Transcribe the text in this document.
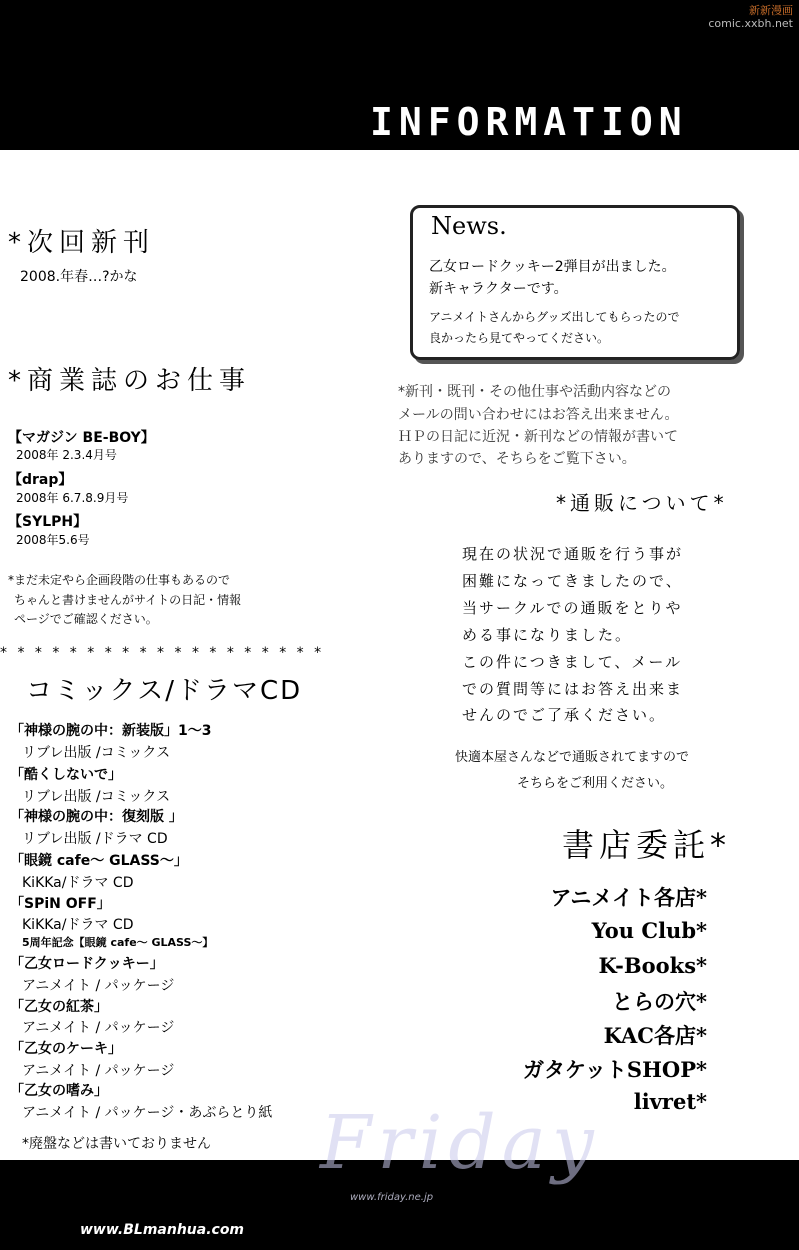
新新漫画
comic.xxbh.net
INFORMATION
*次回新刊
2008.年春…?かな
*商業誌のお仕事
【マガジン BE-BOY】
2008年 2.3.4月号
【drap】
2008年 6.7.8.9月号
【SYLPH】
2008年5.6号
*まだ未定やら企画段階の仕事もあるので
ちゃんと書けませんがサイトの日記・情報
ページでご確認ください。
* * * * * * * * * * * * * * * * * * *
コミックス/ドラマCD
「神様の腕の中：新装版」1〜3
リブレ出版 /コミックス
「酷くしないで」
リブレ出版 /コミックス
「神様の腕の中：復刻版 」
リブレ出版 /ドラマ CD
「眼鏡 cafe〜 GLASS〜」
KiKKa/ドラマ CD
「SPiN OFF」
KiKKa/ドラマ CD
5周年記念【眼鏡 cafe〜 GLASS〜】
「乙女ロードクッキー」
アニメイト / パッケージ
「乙女の紅茶」
アニメイト / パッケージ
「乙女のケーキ」
アニメイト / パッケージ
「乙女の嗜み」
アニメイト / パッケージ・あぶらとり紙
*廃盤などは書いておりません
News.
乙女ロードクッキー2弾目が出ました。
新キャラクターです。
アニメイトさんからグッズ出してもらったので
良かったら見てやってください。
*新刊・既刊・その他仕事や活動内容などの
メールの問い合わせにはお答え出来ません。
ＨＰの日記に近況・新刊などの情報が書いて
ありますので、そちらをご覧下さい。
*通販について*
現在の状況で通販を行う事が
困難になってきましたので、
当サークルでの通販をとりや
める事になりました。
この件につきまして、メール
での質問等にはお答え出来ま
せんのでご了承ください。
快適本屋さんなどで通販されてますので
そちらをご利用ください。
書店委託*
アニメイト各店*
You Club*
K-Books*
とらの穴*
KAC各店*
ガタケットSHOP*
livret*
Friday
www.friday.ne.jp
www.BLmanhua.com
